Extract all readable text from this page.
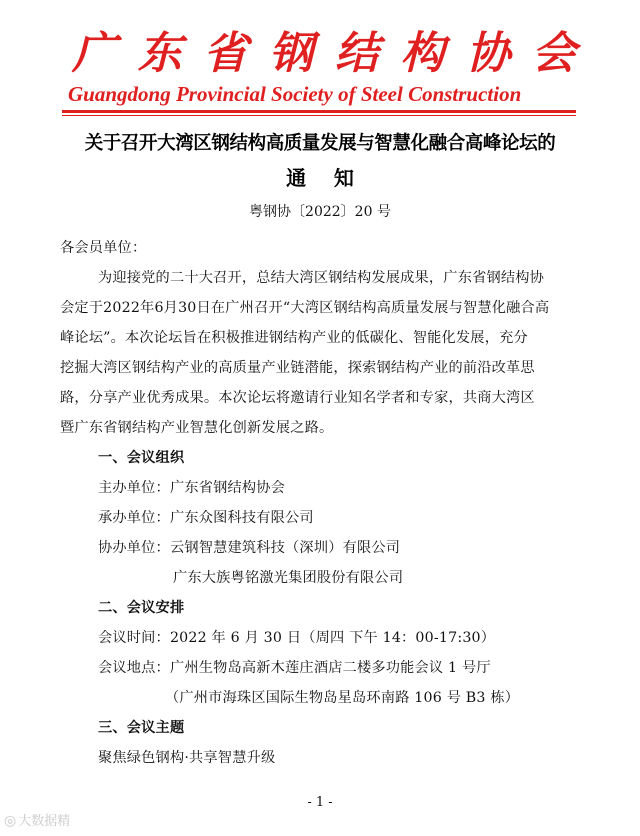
广 东 省 钢 结 构 协 会
Guangdong Provincial Society of Steel Construction
关于召开大湾区钢结构高质量发展与智慧化融合高峰论坛的
通    知
粤钢协〔2022〕20 号
各会员单位：
为迎接党的二十大召开，总结大湾区钢结构发展成果，广东省钢结构协
会定于2022年6月30日在广州召开“大湾区钢结构高质量发展与智慧化融合高
峰论坛”。本次论坛旨在积极推进钢结构产业的低碳化、智能化发展，充分
挖掘大湾区钢结构产业的高质量产业链潜能，探索钢结构产业的前沿改革思
路，分享产业优秀成果。本次论坛将邀请行业知名学者和专家，共商大湾区
暨广东省钢结构产业智慧化创新发展之路。
一、会议组织
主办单位：广东省钢结构协会
承办单位：广东众图科技有限公司
协办单位：云钢智慧建筑科技（深圳）有限公司
广东大族粤铭激光集团股份有限公司
二、会议安排
会议时间：2022 年 6 月 30 日（周四 下午 14：00-17:30）
会议地点：广州生物岛高新木莲庄酒店二楼多功能会议 1 号厅
（广州市海珠区国际生物岛星岛环南路 106 号 B3 栋）
三、会议主题
聚焦绿色钢构·共享智慧升级
- 1 -
◎ 大数据精
